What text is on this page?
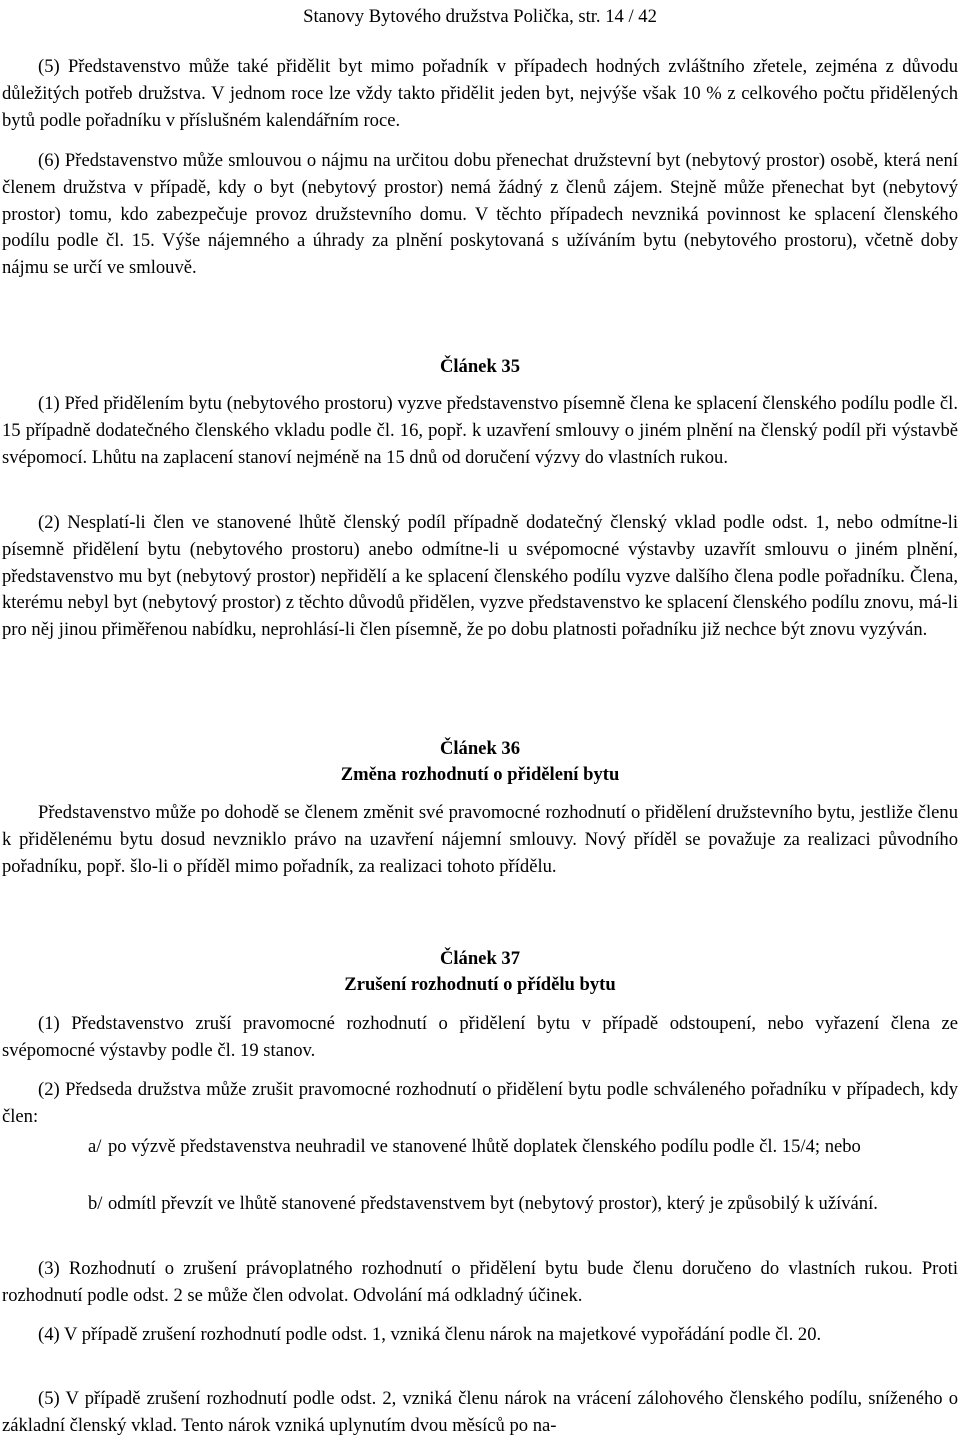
Stanovy Bytového družstva Polička, str. 14 / 42

(5) Představenstvo může také přidělit byt mimo pořadník v případech hodných zvláštního zřetele, zejména z důvodu důležitých potřeb družstva. V jednom roce lze vždy takto přidělit jeden byt, nejvýše však 10 % z celkového počtu přidělených bytů podle pořadníku v příslušném kalendářním roce.

(6) Představenstvo může smlouvou o nájmu na určitou dobu přenechat družstevní byt (nebytový prostor) osobě, která není členem družstva v případě, kdy o byt (nebytový prostor) nemá žádný z členů zájem. Stejně může přenechat byt (nebytový prostor) tomu, kdo zabezpečuje provoz družstevního domu. V těchto případech nevzniká povinnost ke splacení členského podílu podle čl. 15. Výše nájemného a úhrady za plnění poskytovaná s užíváním bytu (nebytového prostoru), včetně doby nájmu se určí ve smlouvě.

Článek 35

(1) Před přidělením bytu (nebytového prostoru) vyzve představenstvo písemně člena ke splacení členského podílu podle čl. 15 případně dodatečného členského vkladu podle čl. 16, popř. k uzavření smlouvy o jiném plnění na členský podíl při výstavbě svépomocí. Lhůtu na zaplacení stanoví nejméně na 15 dnů od doručení výzvy do vlastních rukou.

(2) Nesplatí-li člen ve stanovené lhůtě členský podíl případně dodatečný členský vklad podle odst. 1, nebo odmítne-li písemně přidělení bytu (nebytového prostoru) anebo odmítne-li u svépomocné výstavby uzavřít smlouvu o jiném plnění, představenstvo mu byt (nebytový prostor) nepřidělí a ke splacení členského podílu vyzve dalšího člena podle pořadníku. Člena, kterému nebyl byt (nebytový prostor) z těchto důvodů přidělen, vyzve představenstvo ke splacení členského podílu znovu, má-li pro něj jinou přiměřenou nabídku, neprohlásí-li člen písemně, že po dobu platnosti pořadníku již nechce být znovu vyzýván.

Článek 36
Změna rozhodnutí o přidělení bytu

Představenstvo může po dohodě se členem změnit své pravomocné rozhodnutí o přidělení družstevního bytu, jestliže členu k přidělenému bytu dosud nevzniklo právo na uzavření nájemní smlouvy. Nový příděl se považuje za realizaci původního pořadníku, popř. šlo-li o příděl mimo pořadník, za realizaci tohoto přídělu.

Článek 37
Zrušení rozhodnutí o přídělu bytu

(1) Představenstvo zruší pravomocné rozhodnutí o přidělení bytu v případě odstoupení, nebo vyřazení člena ze svépomocné výstavby podle čl. 19 stanov.

(2) Předseda družstva může zrušit pravomocné rozhodnutí o přidělení bytu podle schváleného pořadníku v případech, kdy člen:

a/ po výzvě představenstva neuhradil ve stanovené lhůtě doplatek členského podílu podle čl. 15/4; nebo
b/ odmítl převzít ve lhůtě stanovené představenstvem byt (nebytový prostor), který je způsobilý k užívání.

(3) Rozhodnutí o zrušení právoplatného rozhodnutí o přidělení bytu bude členu doručeno do vlastních rukou. Proti rozhodnutí podle odst. 2 se může člen odvolat. Odvolání má odkladný účinek.

(4) V případě zrušení rozhodnutí podle odst. 1, vzniká členu nárok na majetkové vypořádání podle čl. 20.

(5) V případě zrušení rozhodnutí podle odst. 2, vzniká členu nárok na vrácení zálohového členského podílu, sníženého o základní členský vklad. Tento nárok vzniká uplynutím dvou měsíců po na-
